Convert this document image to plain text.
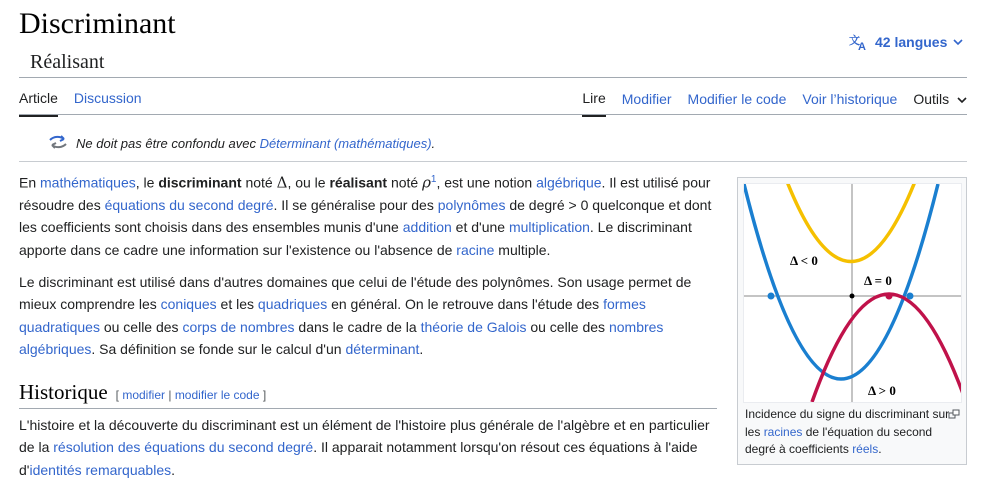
Discriminant
Réalisant
文
A 42 langues
Article Discussion	Lire Modifier Modifier le code Voir l’historique Outils
Ne doit pas être confondu avec Déterminant (mathématiques).

En mathématiques, le discriminant noté Δ, ou le réalisant noté $\rho^1$, est une notion algébrique. Il est utilisé pour résoudre des équations du second degré. Il se généralise pour des polynômes de degré > 0 quelconque et dont les coefficients sont choisis dans des ensembles munis d'une addition et d'une multiplication. Le discriminant apporte dans ce cadre une information sur l'existence ou l'absence de racine multiple.

Le discriminant est utilisé dans d'autres domaines que celui de l'étude des polynômes. Son usage permet de mieux comprendre les coniques et les quadriques en général. On le retrouve dans l'étude des formes quadratiques ou celle des corps de nombres dans le cadre de la théorie de Galois ou celle des nombres algébriques. Sa définition se fonde sur le calcul d'un déterminant.

Historique [ modifier | modifier le code ]

L'histoire et la découverte du discriminant est un élément de l'histoire plus générale de l'algèbre et en particulier de la résolution des équations du second degré. Il apparait notamment lorsqu'on résout ces équations à l'aide d'identités remarquables.

Δ < 0
Δ = 0
Δ > 0
Incidence du signe du discriminant sur les racines de l'équation du second degré à coefficients réels.
